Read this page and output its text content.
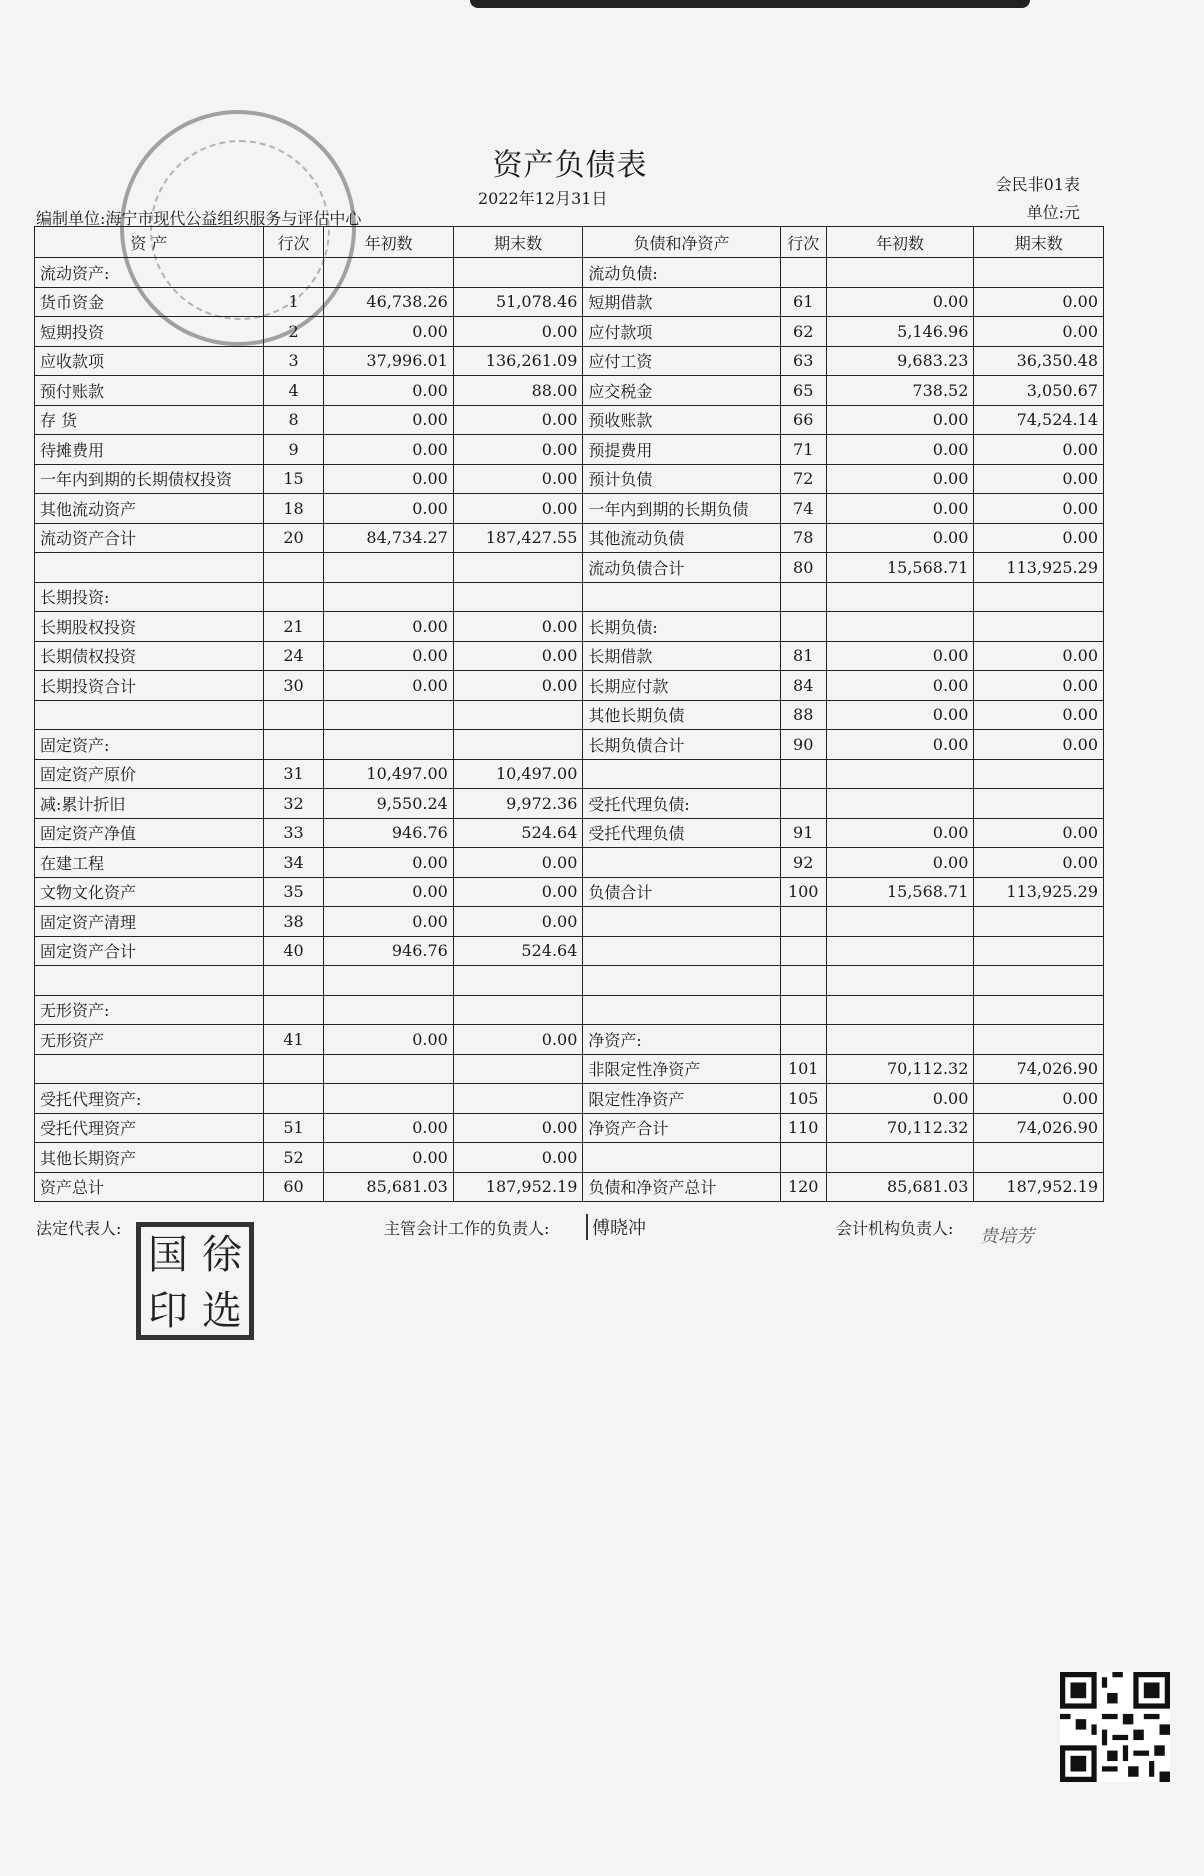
资产负债表
2022年12月31日
会民非01表
单位:元
编制单位:海宁市现代公益组织服务与评估中心
资 产	行次	年初数	期末数	负债和净资产	行次	年初数	期末数
流动资产:				流动负债:			
货币资金	1	46,738.26	51,078.46	短期借款	61	0.00	0.00
短期投资	2	0.00	0.00	应付款项	62	5,146.96	0.00
应收款项	3	37,996.01	136,261.09	应付工资	63	9,683.23	36,350.48
预付账款	4	0.00	88.00	应交税金	65	738.52	3,050.67
存 货	8	0.00	0.00	预收账款	66	0.00	74,524.14
待摊费用	9	0.00	0.00	预提费用	71	0.00	0.00
一年内到期的长期债权投资	15	0.00	0.00	预计负债	72	0.00	0.00
其他流动资产	18	0.00	0.00	一年内到期的长期负债	74	0.00	0.00
流动资产合计	20	84,734.27	187,427.55	其他流动负债	78	0.00	0.00
				流动负债合计	80	15,568.71	113,925.29
长期投资:							
长期股权投资	21	0.00	0.00	长期负债:			
长期债权投资	24	0.00	0.00	长期借款	81	0.00	0.00
长期投资合计	30	0.00	0.00	长期应付款	84	0.00	0.00
				其他长期负债	88	0.00	0.00
固定资产:				长期负债合计	90	0.00	0.00
固定资产原价	31	10,497.00	10,497.00				
减:累计折旧	32	9,550.24	9,972.36	受托代理负债:			
固定资产净值	33	946.76	524.64	受托代理负债	91	0.00	0.00
在建工程	34	0.00	0.00		92	0.00	0.00
文物文化资产	35	0.00	0.00	负债合计	100	15,568.71	113,925.29
固定资产清理	38	0.00	0.00				
固定资产合计	40	946.76	524.64				

无形资产:							
无形资产	41	0.00	0.00	净资产:			
				非限定性净资产	101	70,112.32	74,026.90
受托代理资产:				限定性净资产	105	0.00	0.00
受托代理资产	51	0.00	0.00	净资产合计	110	70,112.32	74,026.90
其他长期资产	52	0.00	0.00				
资产总计	60	85,681.03	187,952.19	负债和净资产总计	120	85,681.03	187,952.19
法定代表人:	主管会计工作的负责人:	傅晓冲	会计机构负责人: 贵培芳
国 徐
印 选
